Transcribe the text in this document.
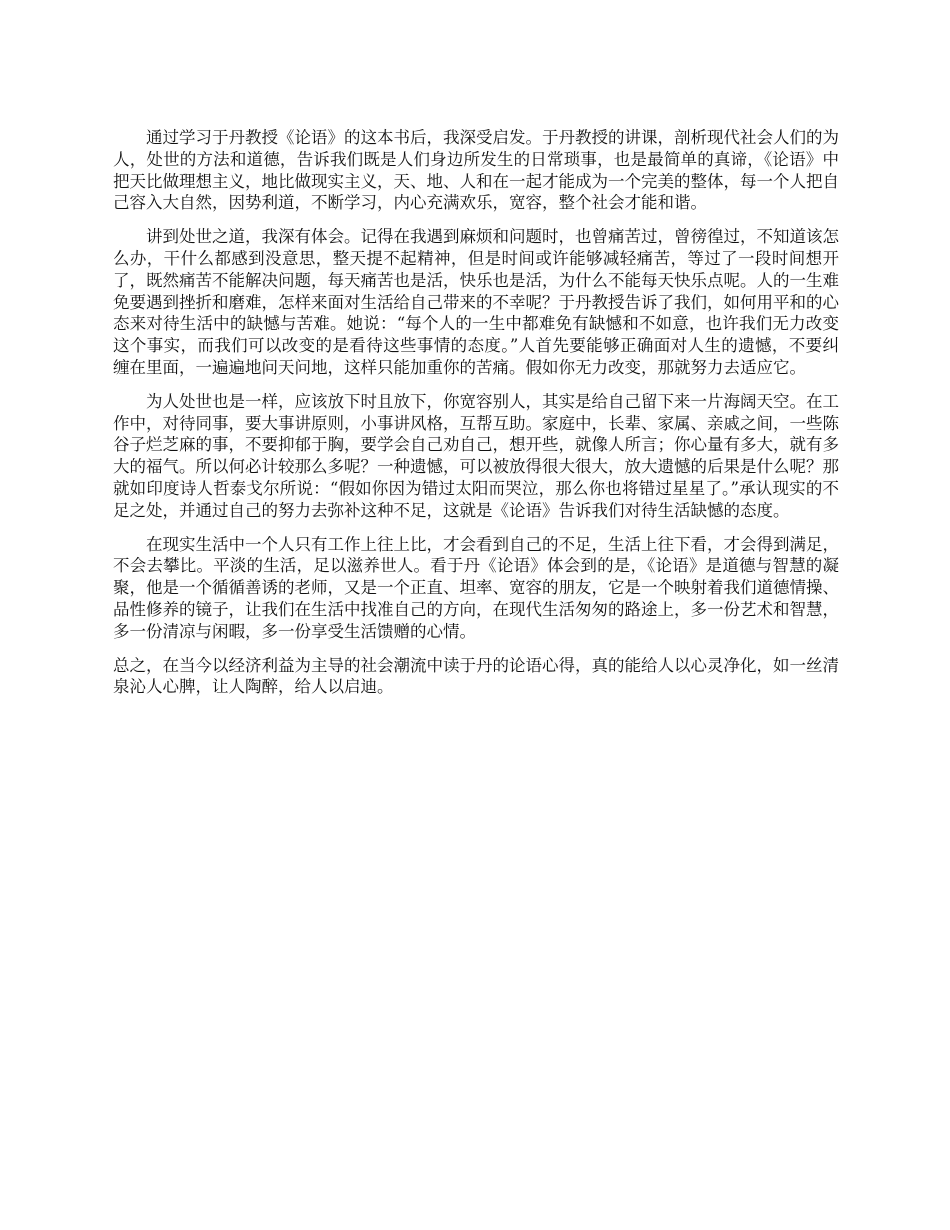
通过学习于丹教授《论语》的这本书后，我深受启发。于丹教授的讲课，剖析现代社会人们的为人，处世的方法和道德，告诉我们既是人们身边所发生的日常琐事，也是最简单的真谛，《论语》中把天比做理想主义，地比做现实主义，天、地、人和在一起才能成为一个完美的整体，每一个人把自己容入大自然，因势利道，不断学习，内心充满欢乐，宽容，整个社会才能和谐。

讲到处世之道，我深有体会。记得在我遇到麻烦和问题时，也曾痛苦过，曾徬徨过，不知道该怎么办，干什么都感到没意思，整天提不起精神，但是时间或许能够减轻痛苦，等过了一段时间想开了，既然痛苦不能解决问题，每天痛苦也是活，快乐也是活，为什么不能每天快乐点呢。人的一生难免要遇到挫折和磨难，怎样来面对生活给自己带来的不幸呢？于丹教授告诉了我们，如何用平和的心态来对待生活中的缺憾与苦难。她说：“每个人的一生中都难免有缺憾和不如意，也许我们无力改变这个事实，而我们可以改变的是看待这些事情的态度。”人首先要能够正确面对人生的遗憾，不要纠缠在里面，一遍遍地问天问地，这样只能加重你的苦痛。假如你无力改变，那就努力去适应它。

为人处世也是一样，应该放下时且放下，你宽容别人，其实是给自己留下来一片海阔天空。在工作中，对待同事，要大事讲原则，小事讲风格，互帮互助。家庭中，长辈、家属、亲戚之间，一些陈谷子烂芝麻的事，不要抑郁于胸，要学会自己劝自己，想开些，就像人所言；你心量有多大，就有多大的福气。所以何必计较那么多呢？一种遗憾，可以被放得很大很大，放大遗憾的后果是什么呢？那就如印度诗人哲泰戈尔所说：“假如你因为错过太阳而哭泣，那么你也将错过星星了。”承认现实的不足之处，并通过自己的努力去弥补这种不足，这就是《论语》告诉我们对待生活缺憾的态度。

在现实生活中一个人只有工作上往上比，才会看到自己的不足，生活上往下看，才会得到满足，不会去攀比。平淡的生活，足以滋养世人。看于丹《论语》体会到的是，《论语》是道德与智慧的凝聚，他是一个循循善诱的老师，又是一个正直、坦率、宽容的朋友，它是一个映射着我们道德情操、品性修养的镜子，让我们在生活中找准自己的方向，在现代生活匆匆的路途上，多一份艺术和智慧，多一份清凉与闲暇，多一份享受生活馈赠的心情。

总之，在当今以经济利益为主导的社会潮流中读于丹的论语心得，真的能给人以心灵净化，如一丝清泉沁人心脾，让人陶醉，给人以启迪。
